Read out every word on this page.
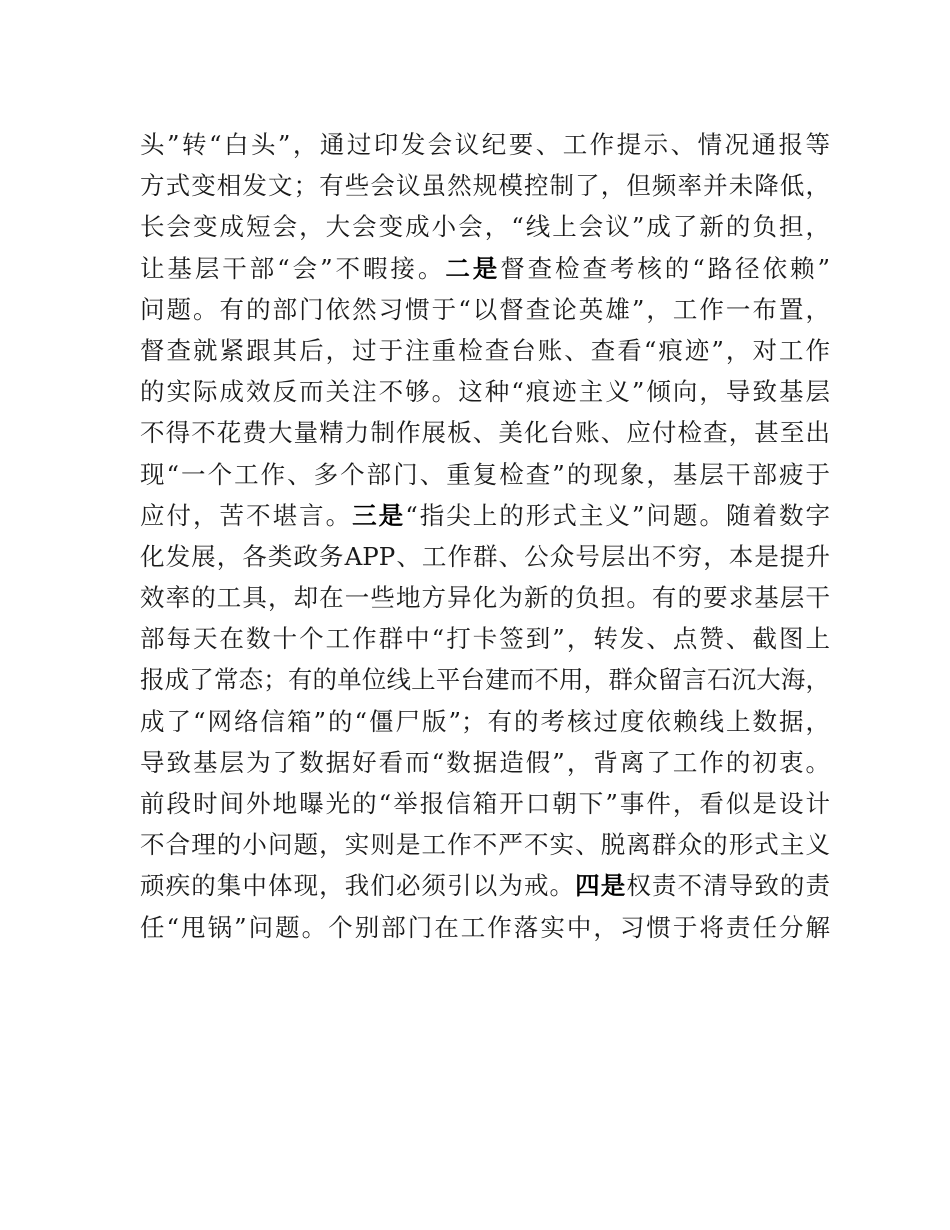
头”转“白头”，通过印发会议纪要、工作提示、情况通报等
方式变相发文；有些会议虽然规模控制了，但频率并未降低，
长会变成短会，大会变成小会，“线上会议”成了新的负担，
让基层干部“会”不暇接。二是督查检查考核的“路径依赖”
问题。有的部门依然习惯于“以督查论英雄”，工作一布置，
督查就紧跟其后，过于注重检查台账、查看“痕迹”，对工作
的实际成效反而关注不够。这种“痕迹主义”倾向，导致基层
不得不花费大量精力制作展板、美化台账、应付检查，甚至出
现“一个工作、多个部门、重复检查”的现象，基层干部疲于
应付，苦不堪言。三是“指尖上的形式主义”问题。随着数字
化发展，各类政务APP、工作群、公众号层出不穷，本是提升
效率的工具，却在一些地方异化为新的负担。有的要求基层干
部每天在数十个工作群中“打卡签到”，转发、点赞、截图上
报成了常态；有的单位线上平台建而不用，群众留言石沉大海，
成了“网络信箱”的“僵尸版”；有的考核过度依赖线上数据，
导致基层为了数据好看而“数据造假”，背离了工作的初衷。
前段时间外地曝光的“举报信箱开口朝下”事件，看似是设计
不合理的小问题，实则是工作不严不实、脱离群众的形式主义
顽疾的集中体现，我们必须引以为戒。四是权责不清导致的责
任“甩锅”问题。个别部门在工作落实中，习惯于将责任分解
